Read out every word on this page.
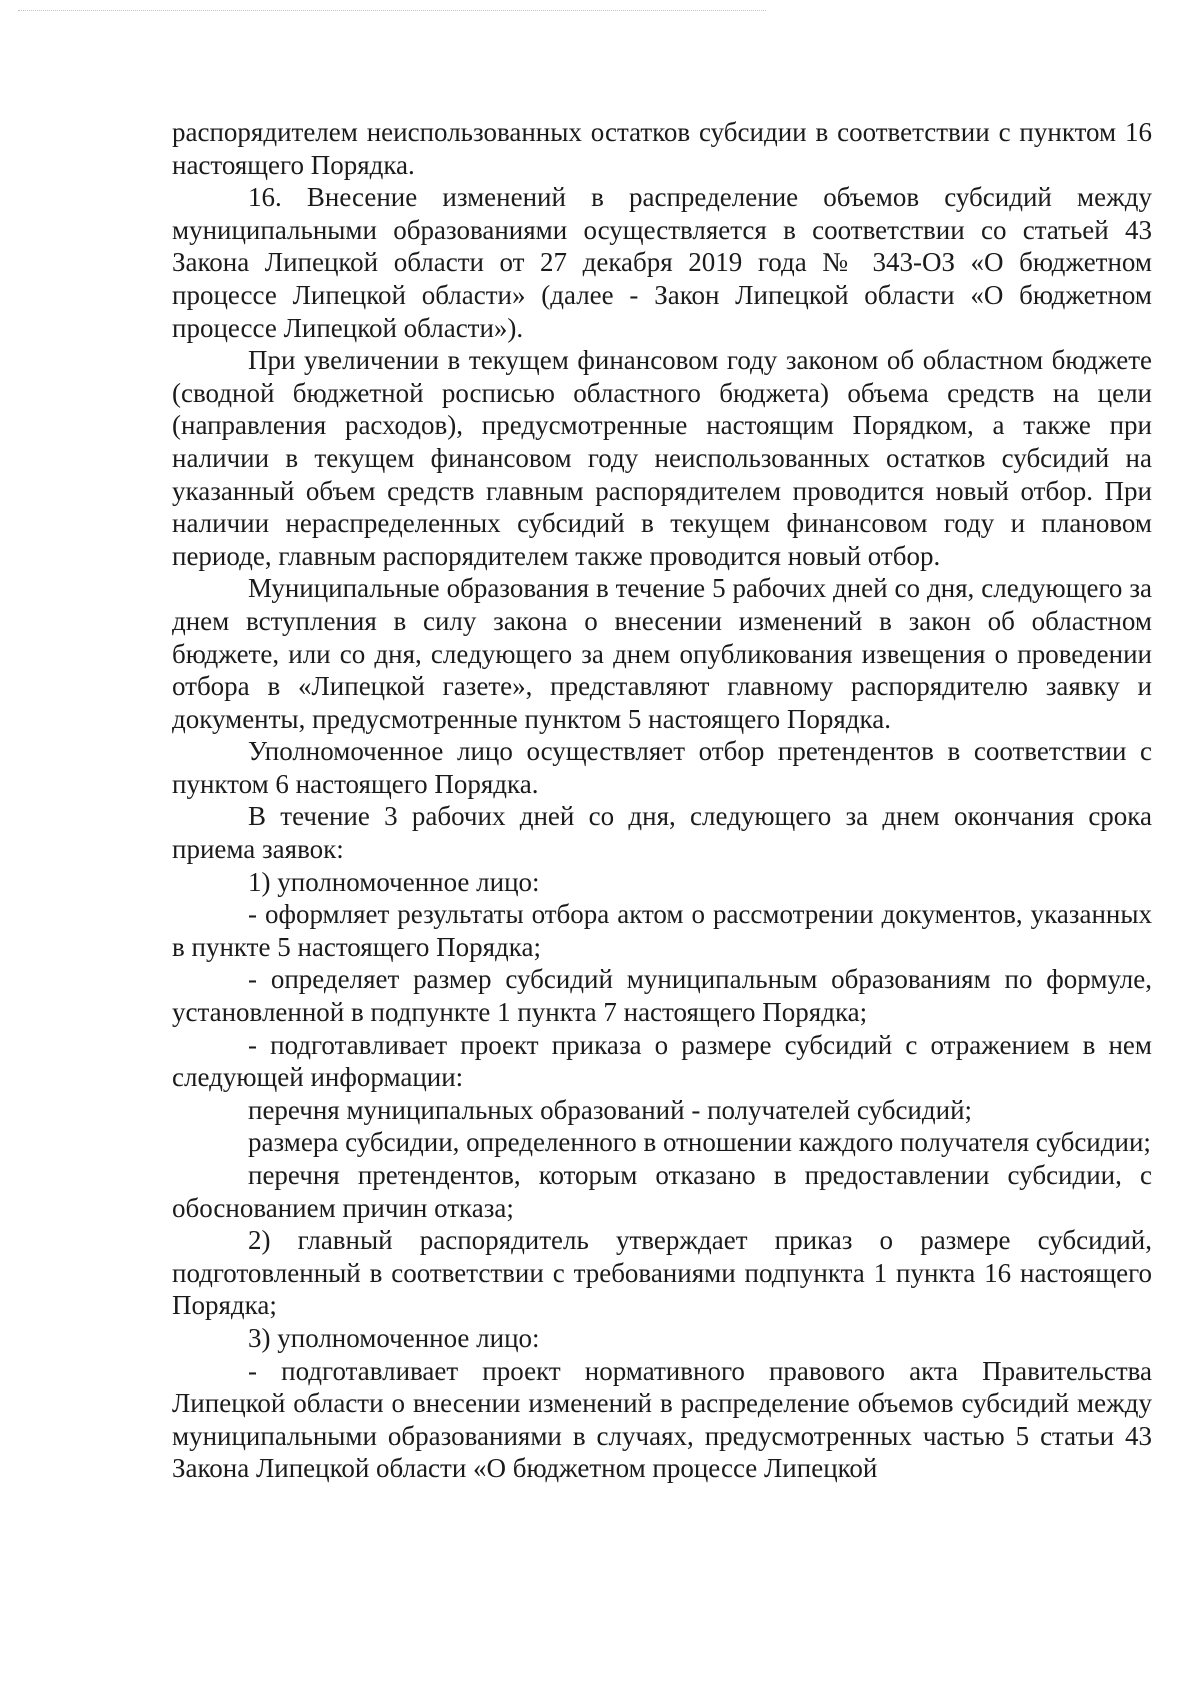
распорядителем неиспользованных остатков субсидии в соответствии с пунктом 16 настоящего Порядка.

16. Внесение изменений в распределение объемов субсидий между муниципальными образованиями осуществляется в соответствии со статьей 43 Закона Липецкой области от 27 декабря 2019 года № 343-ОЗ «О бюджетном процессе Липецкой области» (далее - Закон Липецкой области «О бюджетном процессе Липецкой области»).

При увеличении в текущем финансовом году законом об областном бюджете (сводной бюджетной росписью областного бюджета) объема средств на цели (направления расходов), предусмотренные настоящим Порядком, а также при наличии в текущем финансовом году неиспользованных остатков субсидий на указанный объем средств главным распорядителем проводится новый отбор. При наличии нераспределенных субсидий в текущем финансовом году и плановом периоде, главным распорядителем также проводится новый отбор.

Муниципальные образования в течение 5 рабочих дней со дня, следующего за днем вступления в силу закона о внесении изменений в закон об областном бюджете, или со дня, следующего за днем опубликования извещения о проведении отбора в «Липецкой газете», представляют главному распорядителю заявку и документы, предусмотренные пунктом 5 настоящего Порядка.

Уполномоченное лицо осуществляет отбор претендентов в соответствии с пунктом 6 настоящего Порядка.

В течение 3 рабочих дней со дня, следующего за днем окончания срока приема заявок:

1) уполномоченное лицо:

- оформляет результаты отбора актом о рассмотрении документов, указанных в пункте 5 настоящего Порядка;

- определяет размер субсидий муниципальным образованиям по формуле, установленной в подпункте 1 пункта 7 настоящего Порядка;

- подготавливает проект приказа о размере субсидий с отражением в нем следующей информации:

перечня муниципальных образований - получателей субсидий;

размера субсидии, определенного в отношении каждого получателя субсидии;

перечня претендентов, которым отказано в предоставлении субсидии, с обоснованием причин отказа;

2) главный распорядитель утверждает приказ о размере субсидий, подготовленный в соответствии с требованиями подпункта 1 пункта 16 настоящего Порядка;

3) уполномоченное лицо:

- подготавливает проект нормативного правового акта Правительства Липецкой области о внесении изменений в распределение объемов субсидий между муниципальными образованиями в случаях, предусмотренных частью 5 статьи 43 Закона Липецкой области «О бюджетном процессе Липецкой
